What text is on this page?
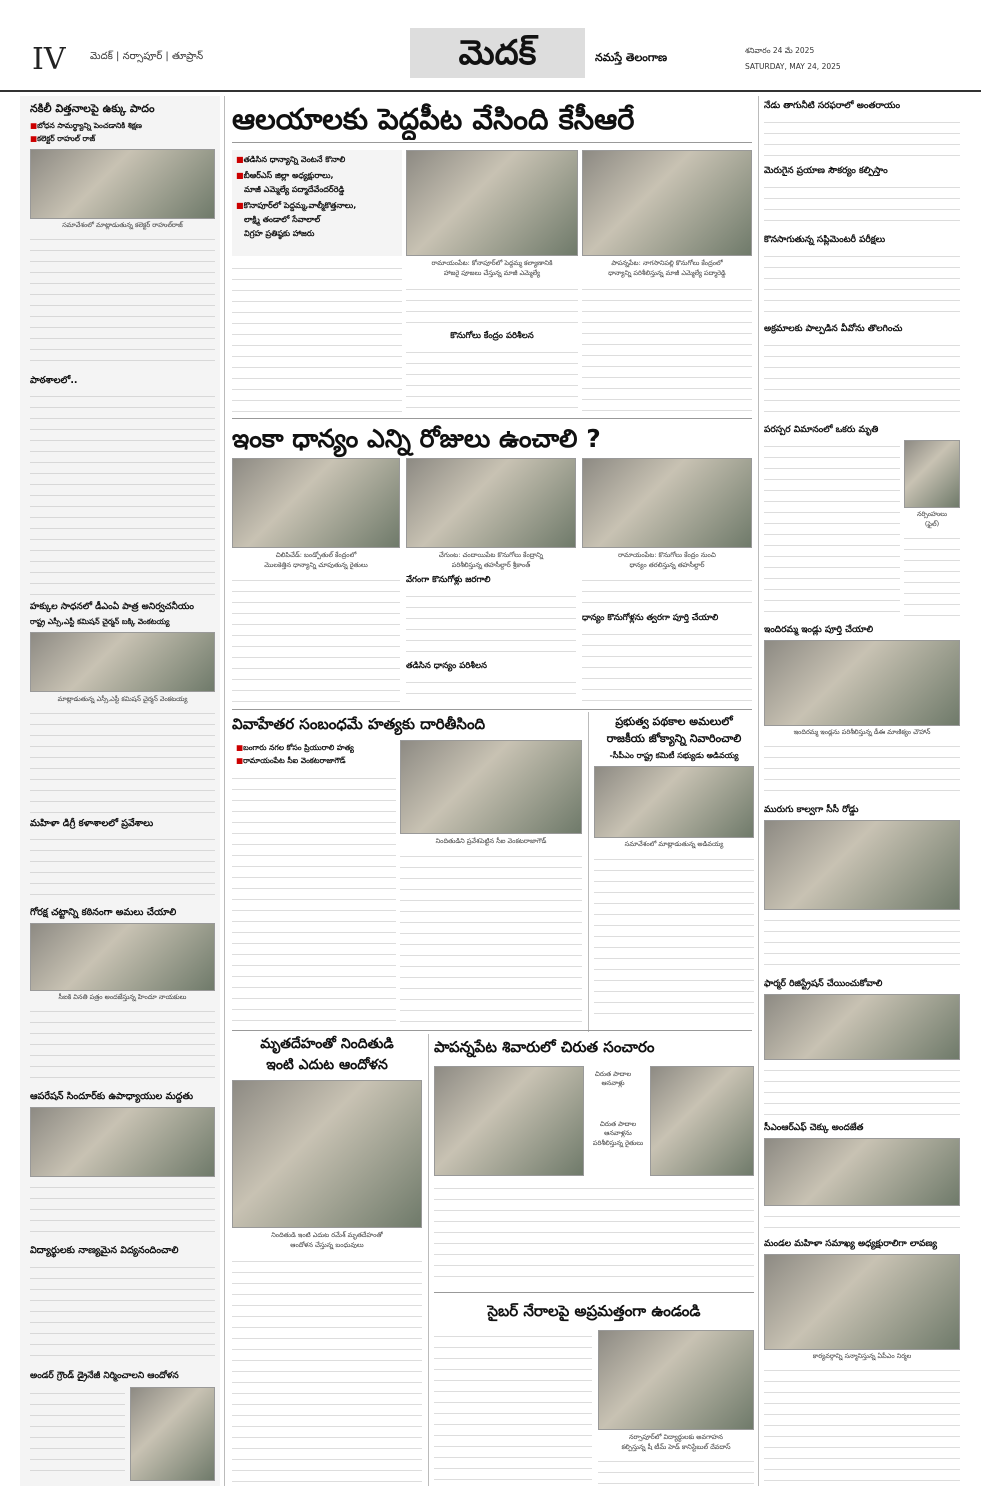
IV మెదక్ | నర్సాపూర్ | తూప్రాన్	మెదక్	నమస్తే తెలంగాణ
శనివారం 24 మే 2025
SATURDAY, MAY 24, 2025
నకిలీ విత్తనాలపై ఉక్కు పాదం
■ బోధన సామర్థ్యాన్ని పెంచడానికి శిక్షణ
■ కలెక్టర్ రాహుల్ రాజ్
సమావేశంలో మాట్లాడుతున్న కలెక్టర్ రాహుల్‌రాజ్
పాఠశాలలో..
హక్కుల సాధనలో డీఎంఏ పాత్ర అనిర్వచనీయం
రాష్ట్ర ఎస్సీ,ఎస్టీ కమిషన్ చైర్మన్ బక్కి వెంకటయ్య
మాట్లాడుతున్న ఎస్సీ,ఎస్టీ కమిషన్ చైర్మన్ వెంకటయ్య
మహిళా డిగ్రీ కళాశాలలో ప్రవేశాలు
గోరక్ష చట్టాన్ని కఠినంగా అమలు చేయాలి
సీఐకి వినతి పత్రం అందజేస్తున్న హిందూ నాయకులు
ఆపరేషన్ సిందూర్‌కు ఉపాధ్యాయుల మద్దతు
విద్యార్థులకు నాణ్యమైన విద్యనందించాలి
అండర్ గ్రౌండ్ డ్రైనేజీ నిర్మించాలని ఆందోళన
ఆలయాలకు పెద్దపీట వేసింది కేసీఆరే
■ తడిసిన ధాన్యాన్ని వెంటనే కొనాలి
■ బీఆర్‌ఎస్ జిల్లా అధ్యక్షురాలు,
మాజీ ఎమ్మెల్యే పద్మాదేవేందర్‌రెడ్డి
■ కొనాపూర్‌లో పెద్దమ్మ,వాల్మీకొత్తనాలు,
లాక్ష్మి తండాలో సేవాలాల్
విగ్రహ ప్రతిష్ఠకు హాజరు
రామాయంపేట: కోనాపూర్‌లో పెద్దమ్మ కల్యాణానికి
హాజరై పూజలు చేస్తున్న మాజీ ఎమ్మెల్యే
పాపన్నపేట: నాగసానిపల్లి కొనుగోలు కేంద్రంలో
ధాన్యాన్ని పరిశీలిస్తున్న మాజీ ఎమ్మెల్యే పద్మారెడ్డి
కొనుగోలు కేంద్రం పరిశీలన
ఇంకా ధాన్యం ఎన్ని రోజులు ఉంచాలి ?
చిలిపిచేడ్: బండ్పోతుల్ కేంద్రంలో
మొలకెత్తిన ధాన్యాన్ని చూపుతున్న రైతులు
చేగుంట: చందాయిపేట కొనుగోలు కేంద్రాన్ని
పరిశీలిస్తున్న తహసీల్దార్ శ్రీకాంత్
రామాయంపేట: కొనుగోలు కేంద్రం నుంచి
ధాన్యం తరలిస్తున్న తహసీల్దార్
వేగంగా కొనుగోళ్లు జరగాలి
తడిసిన ధాన్యం పరిశీలన
ధాన్యం కొనుగోళ్లను త్వరగా పూర్తి చేయాలి
వివాహేతర సంబంధమే హత్యకు దారితీసింది
■ బంగారు నగల కోసం ప్రియురాలి హత్య
■ రామాయంపేట సీఐ వెంకటరాజాగౌడ్
నిందితుడిని ప్రవేశపెట్టిన సీఐ వెంకటరాజాగౌడ్
ప్రభుత్వ పథకాల అమలులో
రాజకీయ జోక్యాన్ని నివారించాలి
-సీపీఎం రాష్ట్ర కమిటీ సభ్యుడు అడివయ్య
సమావేశంలో మాట్లాడుతున్న అడివయ్య
మృతదేహంతో నిందితుడి
ఇంటి ఎదుట ఆందోళన
నిందితుడి ఇంటి ఎదుట రమేశ్ మృతదేహంతో
ఆందోళన చేస్తున్న బంధువులు
పాపన్నపేట శివారులో చిరుత సంచారం
చిరుత పాదాల
ఆనవాళ్లు
చిరుత పాదాల
ఆనవాళ్లను
పరిశీలిస్తున్న రైతులు
సైబర్ నేరాలపై అప్రమత్తంగా ఉండండి
నర్సాపూర్‌లో విద్యార్థులకు అవగాహన
కల్పిస్తున్న షీ టీమ్ హెడ్ కానిస్టేబుల్ దేవదాస్
నేడు తాగునీటి సరఫరాలో అంతరాయం
మెరుగైన ప్రయాణ సౌకర్యం కల్పిస్తాం
కొనసాగుతున్న సప్లిమెంటరీ పరీక్షలు
అక్రమాలకు పాల్పడిన వీవోను తొలగించు
పరస్పర విమానంలో ఒకరు మృతి
నర్సింహులు
(ఫైల్)
ఇందిరమ్మ ఇండ్లు పూర్తి చేయాలి
ఇందిరమ్మ ఇండ్లను పరిశీలిస్తున్న డీఈ మాణిక్యం చౌహాన్
మురుగు కాల్వగా సీసీ రోడ్డు
ఫార్మర్ రిజిస్ట్రేషన్ చేయించుకోవాలి
సీఎంఆర్‌ఎఫ్ చెక్కు అందజేత
మండల మహిళా సమాఖ్య అధ్యక్షురాలిగా లావణ్య
కార్యవర్గాన్ని సన్మానిస్తున్న ఏపీఎం నిర్మల
